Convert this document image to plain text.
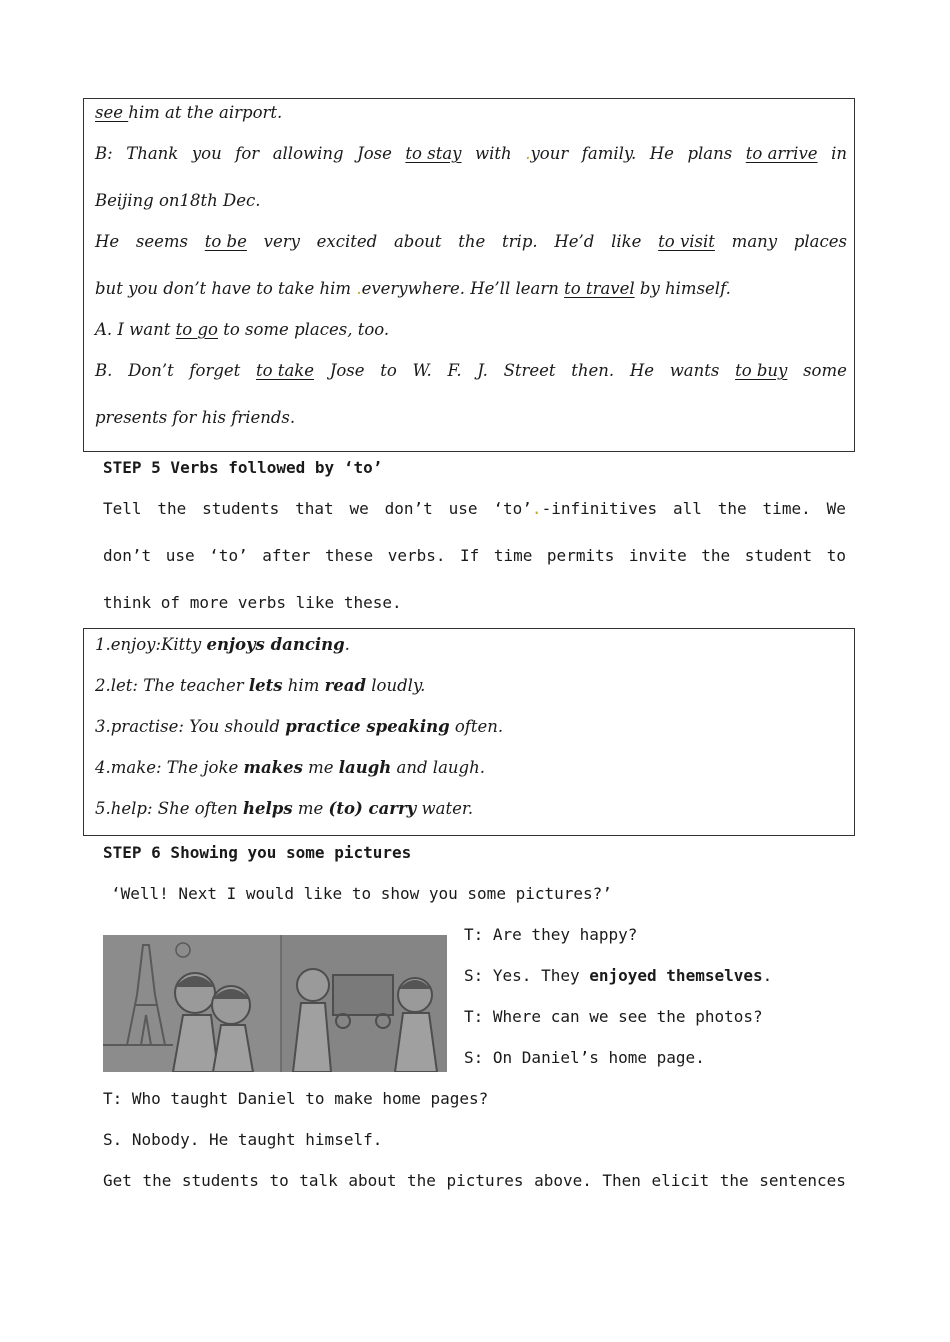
see him at the airport.
B: Thank you for allowing Jose to stay with .your family. He plans to arrive in
Beijing on18th Dec.
He seems to be very excited about the trip. He’d like to visit many places
but you don’t have to take him .everywhere. He’ll learn to travel by himself.
A. I want to go to some places, too.
B. Don’t forget to take Jose to W. F. J. Street then. He wants to buy some
presents for his friends.
STEP 5 Verbs followed by ‘to’
Tell the students that we don’t use ‘to’.-infinitives all the time. We
don’t use ‘to’ after these verbs. If time permits invite the student to
think of more verbs like these.
1.enjoy:Kitty enjoys dancing.
2.let: The teacher lets him read loudly.
3.practise: You should practice speaking often.
4.make: The joke makes me laugh and laugh.
5.help: She often helps me (to) carry water.
STEP 6 Showing you some pictures
‘Well! Next I would like to show you some pictures?’
T: Are they happy?
S: Yes. They enjoyed themselves.
T: Where can we see the photos?
S: On Daniel’s home page.
T: Who taught Daniel to make home pages?
S. Nobody. He taught himself.
Get the students to talk about the pictures above. Then elicit the sentences
